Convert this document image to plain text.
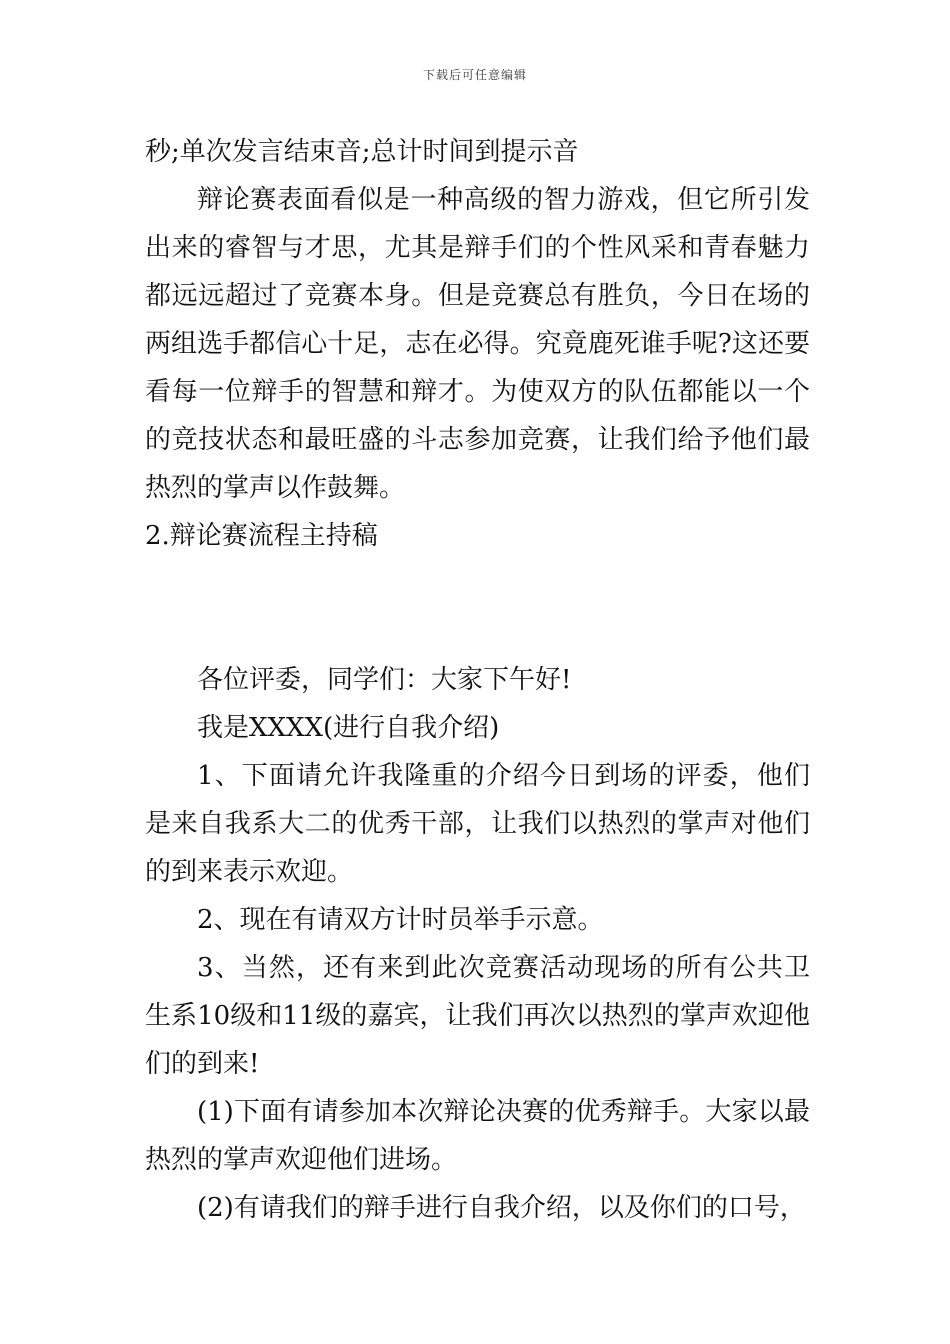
下载后可任意编辑

秒;单次发言结束音;总计时间到提示音

辩论赛表面看似是一种高级的智力游戏，但它所引发出来的睿智与才思，尤其是辩手们的个性风采和青春魅力都远远超过了竞赛本身。但是竞赛总有胜负，今日在场的两组选手都信心十足，志在必得。究竟鹿死谁手呢?这还要看每一位辩手的智慧和辩才。为使双方的队伍都能以一个的竞技状态和最旺盛的斗志参加竞赛，让我们给予他们最热烈的掌声以作鼓舞。

2.辩论赛流程主持稿

各位评委，同学们：大家下午好!

我是XXXX(进行自我介绍)

1、下面请允许我隆重的介绍今日到场的评委，他们是来自我系大二的优秀干部，让我们以热烈的掌声对他们的到来表示欢迎。

2、现在有请双方计时员举手示意。

3、当然，还有来到此次竞赛活动现场的所有公共卫生系10级和11级的嘉宾，让我们再次以热烈的掌声欢迎他们的到来!

(1)下面有请参加本次辩论决赛的优秀辩手。大家以最热烈的掌声欢迎他们进场。

(2)有请我们的辩手进行自我介绍，以及你们的口号，
